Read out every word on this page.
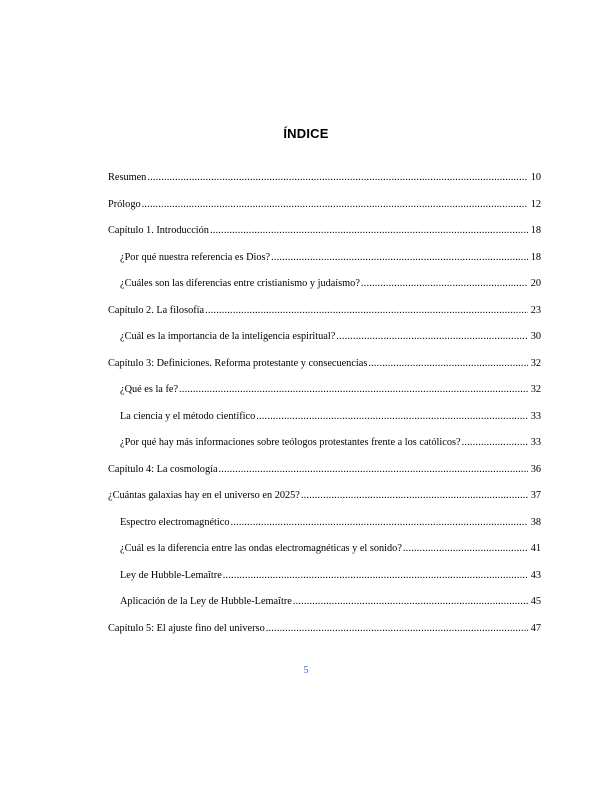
ÍNDICE
Resumen .....	10
Prólogo .....	12
Capítulo 1. Introducción .....	18
¿Por qué nuestra referencia es Dios? .....	18
¿Cuáles son las diferencias entre cristianismo y judaísmo? .....	20
Capítulo 2. La filosofía .....	23
¿Cuál es la importancia de la inteligencia espiritual? .....	30
Capítulo 3: Definiciones. Reforma protestante y consecuencias .....	32
¿Qué es la fe? .....	32
La ciencia y el método científico .....	33
¿Por qué hay más informaciones sobre teólogos protestantes frente a los católicos? .....	33
Capítulo 4: La cosmología .....	36
¿Cuántas galaxias hay en el universo en 2025? .....	37
Espectro electromagnético .....	38
¿Cuál es la diferencia entre las ondas electromagnéticas y el sonido? .....	41
Ley de Hubble-Lemaître .....	43
Aplicación de la Ley de Hubble-Lemaître .....	45
Capítulo 5: El ajuste fino del universo .....	47
5
